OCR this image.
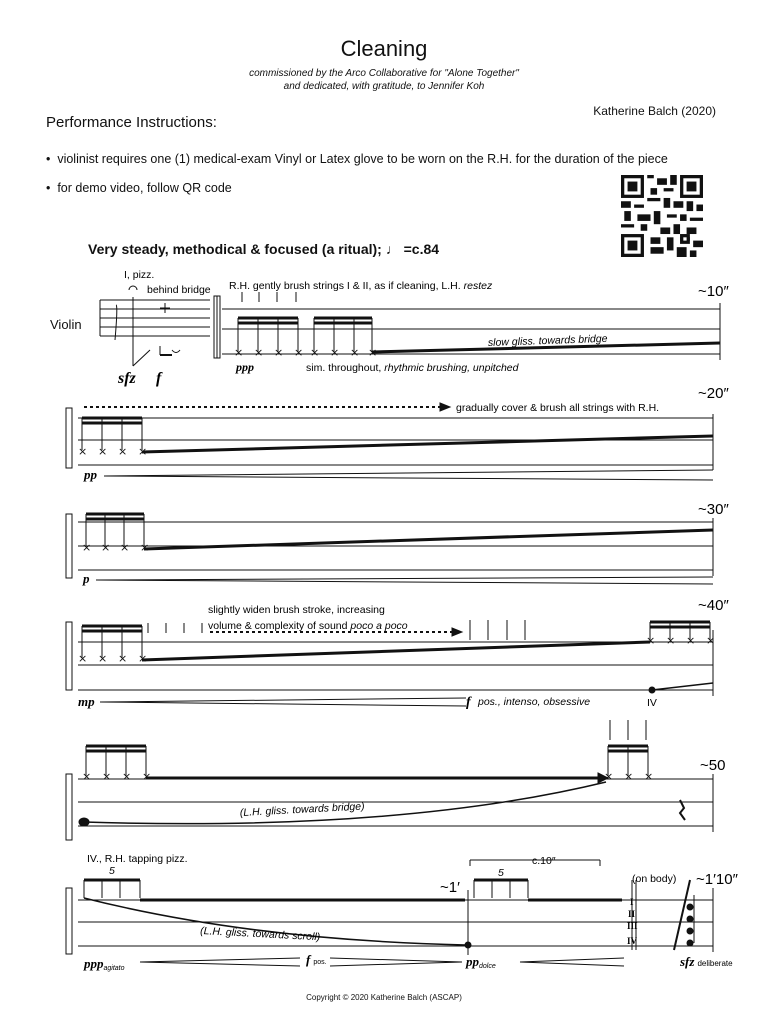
Cleaning
commissioned by the Arco Collaborative for "Alone Together"
and dedicated, with gratitude, to Jennifer Koh
Katherine Balch (2020)
Performance Instructions:
•  violinist requires one (1) medical-exam Vinyl or Latex glove to be worn on the R.H. for the duration of the piece
•  for demo video, follow QR code
Very steady, methodical & focused (a ritual); ♩ =c.84
Violin
× × × × × × × ×
× × × ×
× × × ×
× × × ×
× × × ×
× × × ×	× × ×
I, pizz.
behind bridge R.H. gently brush strings I & II, as if cleaning, L.H. restez
slow gliss. towards bridge
sim. throughout, rhythmic brushing, unpitched
gradually cover & brush all strings with R.H.
slightly widen brush stroke, increasing
volume & complexity of sound poco a poco
pos., intenso, obsessive	IV
(L.H. gliss. towards bridge)
IV., R.H. tapping pizz.	c.10″
5	5
(L.H. gliss. towards scroll)
(on body)
I
II
III
IV
sfz f
ppp
pp
p
mp	f
pppagitato
fpos.	ppdolce	sfz deliberate
~10″
~20″
~30″
~40″
~50
~1′	~1′10″
Copyright © 2020 Katherine Balch (ASCAP)
